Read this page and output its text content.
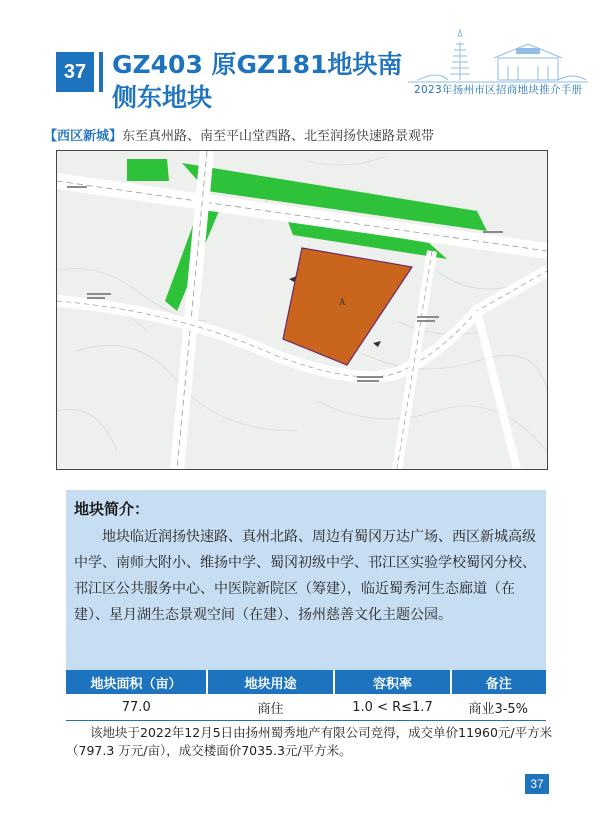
37	GZ403 原GZ181地块南
侧东地块	2023年扬州市区招商地块推介手册
【西区新城】东至真州路、南至平山堂西路、北至润扬快速路景观带
A
地块简介：
地块临近润扬快速路、真州北路、周边有蜀冈万达广场、西区新城高级中学、南师大附小、维扬中学、蜀冈初级中学、邗江区实验学校蜀冈分校、邗江区公共服务中心、中医院新院区（筹建），临近蜀秀河生态廊道（在建）、星月湖生态景观空间（在建）、扬州慈善文化主题公园。
地块面积（亩）	地块用途	容积率	备注
77.0	商住	1.0 < R≤1.7	商业3-5%
该地块于2022年12月5日由扬州蜀秀地产有限公司竞得，成交单价11960元/平方米（797.3 万元/亩），成交楼面价7035.3元/平方米。
37
